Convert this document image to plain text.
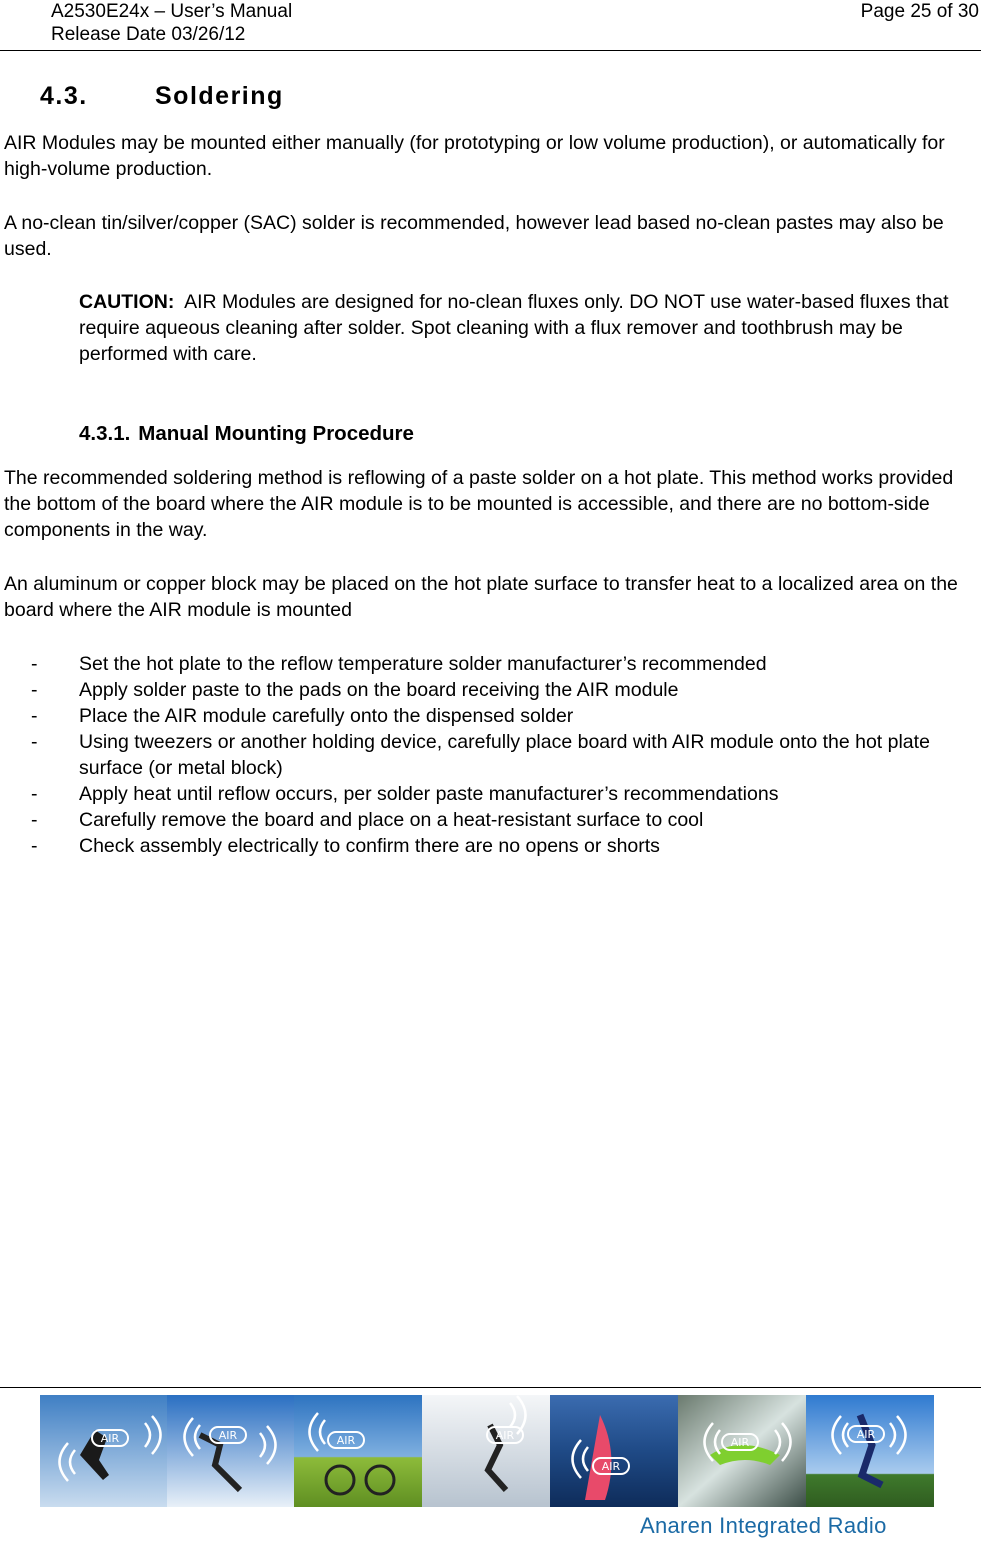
A2530E24x – User’s Manual
Release Date 03/26/12
Page 25 of 30
4.3.	Soldering

AIR Modules may be mounted either manually (for prototyping or low volume production), or automatically for high-volume production.

A no-clean tin/silver/copper (SAC) solder is recommended, however lead based no-clean pastes may also be used.

CAUTION: AIR Modules are designed for no-clean fluxes only. DO NOT use water-based fluxes that require aqueous cleaning after solder. Spot cleaning with a flux remover and toothbrush may be performed with care.

4.3.1. Manual Mounting Procedure

The recommended soldering method is reflowing of a paste solder on a hot plate. This method works provided the bottom of the board where the AIR module is to be mounted is accessible, and there are no bottom-side components in the way.

An aluminum or copper block may be placed on the hot plate surface to transfer heat to a localized area on the board where the AIR module is mounted

- Set the hot plate to the reflow temperature solder manufacturer’s recommended
- Apply solder paste to the pads on the board receiving the AIR module
- Place the AIR module carefully onto the dispensed solder
- Using tweezers or another holding device, carefully place board with AIR module onto the hot plate surface (or metal block)
- Apply heat until reflow occurs, per solder paste manufacturer’s recommendations
- Carefully remove the board and place on a heat-resistant surface to cool
- Check assembly electrically to confirm there are no opens or shorts
AIR	AIR	AIR	AIR
AIR
AIR
AIR
Anaren Integrated Radio
